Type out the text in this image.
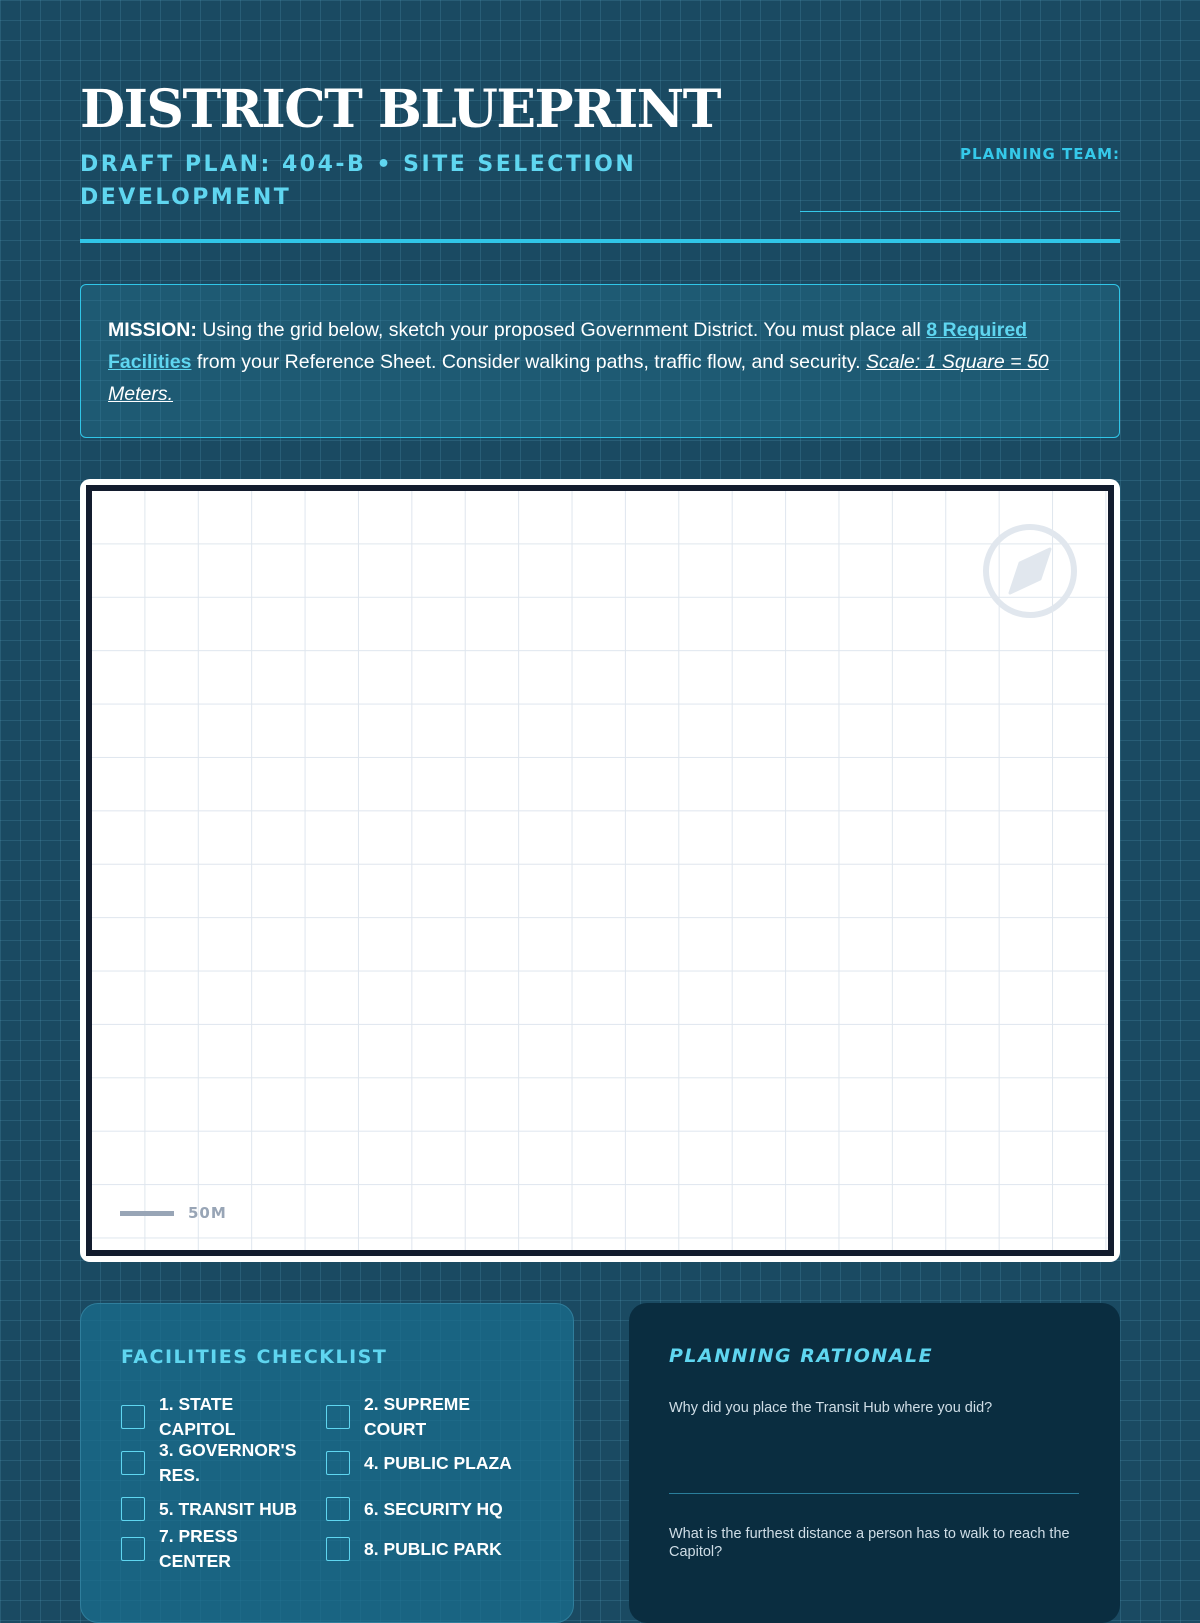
DISTRICT BLUEPRINT
DRAFT PLAN: 404-B • SITE SELECTION DEVELOPMENT
PLANNING TEAM:
MISSION: Using the grid below, sketch your proposed Government District. You must place all 8 Required Facilities from your Reference Sheet. Consider walking paths, traffic flow, and security. Scale: 1 Square = 50 Meters.
50M
FACILITIES CHECKLIST
1. STATE CAPITOL
2. SUPREME COURT
3. GOVERNOR'S RES.
4. PUBLIC PLAZA
5. TRANSIT HUB	6. SECURITY HQ
7. PRESS CENTER
8. PUBLIC PARK
PLANNING RATIONALE
Why did you place the Transit Hub where you did?
What is the furthest distance a person has to walk to reach the Capitol?
